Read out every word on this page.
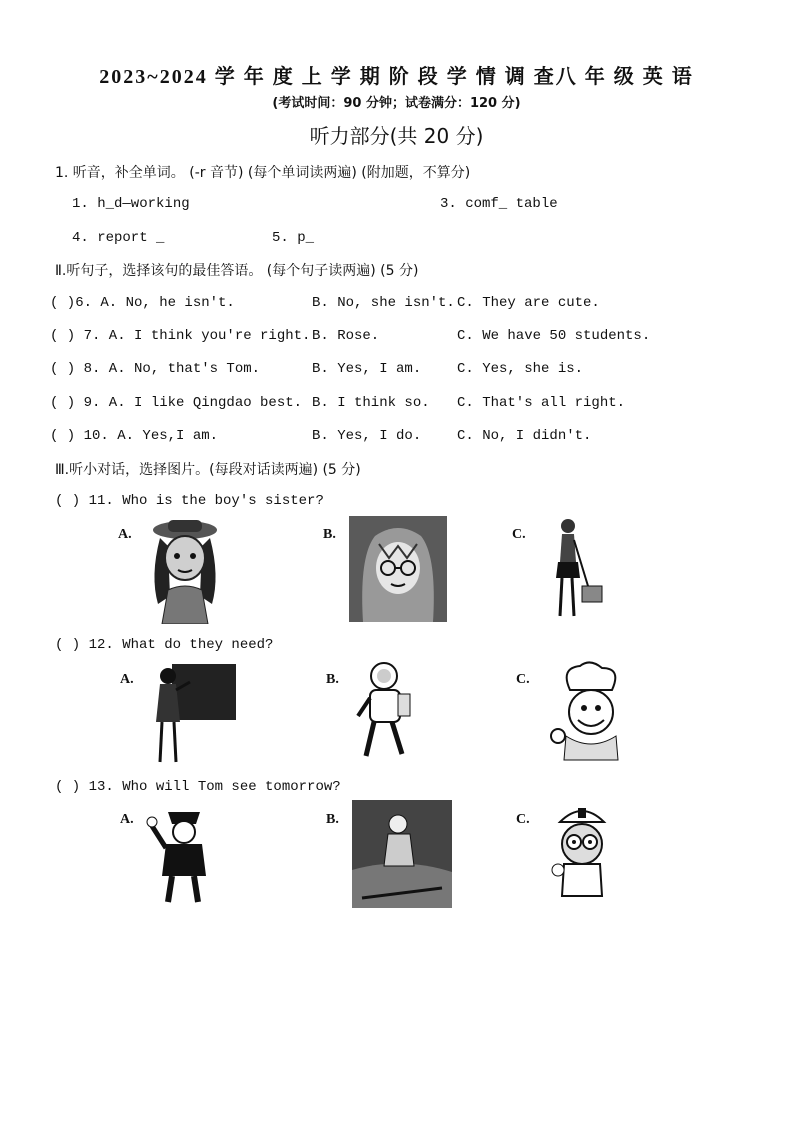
2023~2024 学 年 度 上 学 期 阶 段 学 情 调 查八 年 级 英 语
(考试时间：90 分钟；试卷满分：120 分)
听力部分(共 20 分)
1. 听音，补全单词。 (-r 音节) (每个单词读两遍) (附加题，不算分)
1. h_d—working	3. comf_ table
4. report _	5. p_
Ⅱ.听句子，选择该句的最佳答语。 (每个句子读两遍) (5 分)
( )6. A. No, he isn't.	B. No, she isn't. C. They are cute.
( ) 7. A. I think you're right. B. Rose.	C. We have 50 students.
( ) 8. A. No, that's Tom.	B. Yes, I am.	C. Yes, she is.
( ) 9. A. I like Qingdao best. B. I think so. C. That's all right.
( ) 10. A. Yes,I am.	B. Yes, I do.	C. No, I didn't.
Ⅲ.听小对话，选择图片。(每段对话读两遍) (5 分)
( ) 11. Who is the boy's sister?
A.	B.	C.
( ) 12. What do they need?
A.	B.	C.
( ) 13. Who will Tom see tomorrow?
A.	B.	C.
